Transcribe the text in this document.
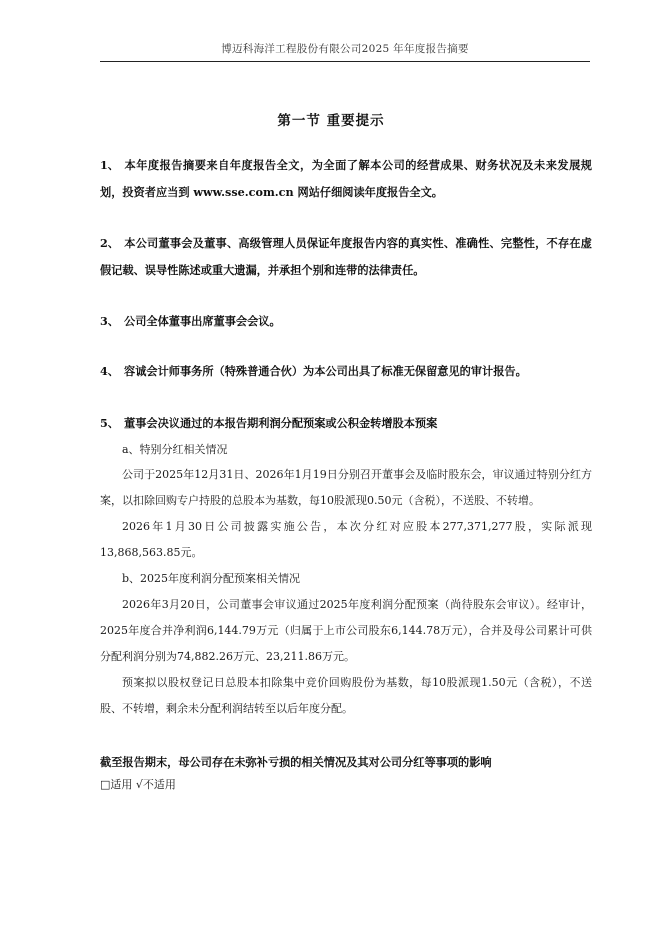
博迈科海洋工程股份有限公司2025 年年度报告摘要
第一节 重要提示
1、 本年度报告摘要来自年度报告全文，为全面了解本公司的经营成果、财务状况及未来发展规划，投资者应当到 www.sse.com.cn 网站仔细阅读年度报告全文。
2、 本公司董事会及董事、高级管理人员保证年度报告内容的真实性、准确性、完整性，不存在虚假记载、误导性陈述或重大遗漏，并承担个别和连带的法律责任。
3、 公司全体董事出席董事会会议。
4、 容诚会计师事务所（特殊普通合伙）为本公司出具了标准无保留意见的审计报告。
5、 董事会决议通过的本报告期利润分配预案或公积金转增股本预案
a、特别分红相关情况
公司于2025年12月31日、2026年1月19日分别召开董事会及临时股东会，审议通过特别分红方案，以扣除回购专户持股的总股本为基数，每10股派现0.50元（含税），不送股、不转增。
2026年1月30日公司披露实施公告，本次分红对应股本277,371,277股，实际派现13,868,563.85元。
b、2025年度利润分配预案相关情况
2026年3月20日，公司董事会审议通过2025年度利润分配预案（尚待股东会审议）。经审计，2025年度合并净利润6,144.79万元（归属于上市公司股东6,144.78万元），合并及母公司累计可供分配利润分别为74,882.26万元、23,211.86万元。
预案拟以股权登记日总股本扣除集中竞价回购股份为基数，每10股派现1.50元（含税），不送股、不转增，剩余未分配利润结转至以后年度分配。
截至报告期末，母公司存在未弥补亏损的相关情况及其对公司分红等事项的影响
□适用 √不适用
